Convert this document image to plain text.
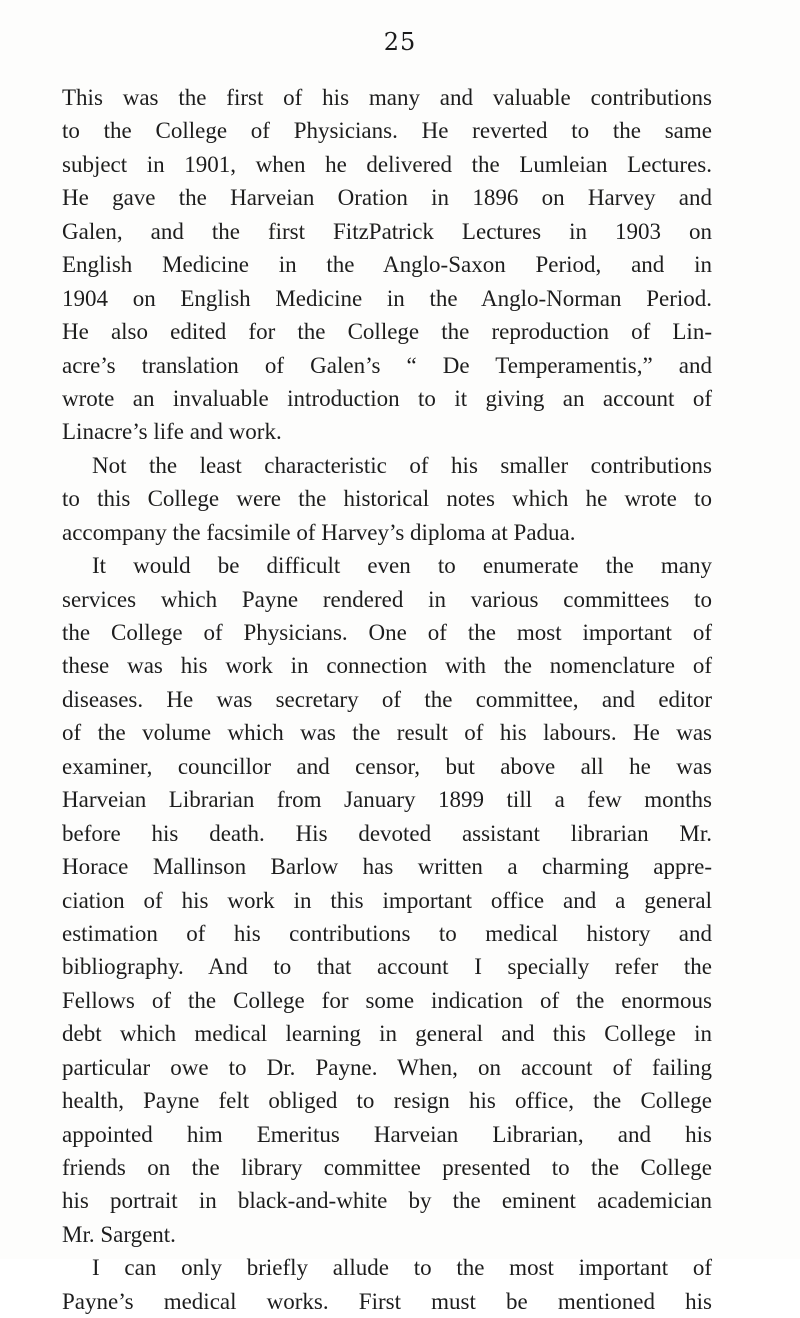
25
This was the first of his many and valuable contributions
to the College of Physicians. He reverted to the same
subject in 1901, when he delivered the Lumleian Lectures.
He gave the Harveian Oration in 1896 on Harvey and
Galen, and the first FitzPatrick Lectures in 1903 on
English Medicine in the Anglo-Saxon Period, and in
1904 on English Medicine in the Anglo-Norman Period.
He also edited for the College the reproduction of Lin-
acre’s translation of Galen’s “ De Temperamentis,” and
wrote an invaluable introduction to it giving an account of
Linacre’s life and work.
Not the least characteristic of his smaller contributions
to this College were the historical notes which he wrote to
accompany the facsimile of Harvey’s diploma at Padua.
It would be difficult even to enumerate the many
services which Payne rendered in various committees to
the College of Physicians. One of the most important of
these was his work in connection with the nomenclature of
diseases. He was secretary of the committee, and editor
of the volume which was the result of his labours. He was
examiner, councillor and censor, but above all he was
Harveian Librarian from January 1899 till a few months
before his death. His devoted assistant librarian Mr.
Horace Mallinson Barlow has written a charming appre-
ciation of his work in this important office and a general
estimation of his contributions to medical history and
bibliography. And to that account I specially refer the
Fellows of the College for some indication of the enormous
debt which medical learning in general and this College in
particular owe to Dr. Payne. When, on account of failing
health, Payne felt obliged to resign his office, the College
appointed him Emeritus Harveian Librarian, and his
friends on the library committee presented to the College
his portrait in black-and-white by the eminent academician
Mr. Sargent.
I can only briefly allude to the most important of
Payne’s medical works. First must be mentioned his
